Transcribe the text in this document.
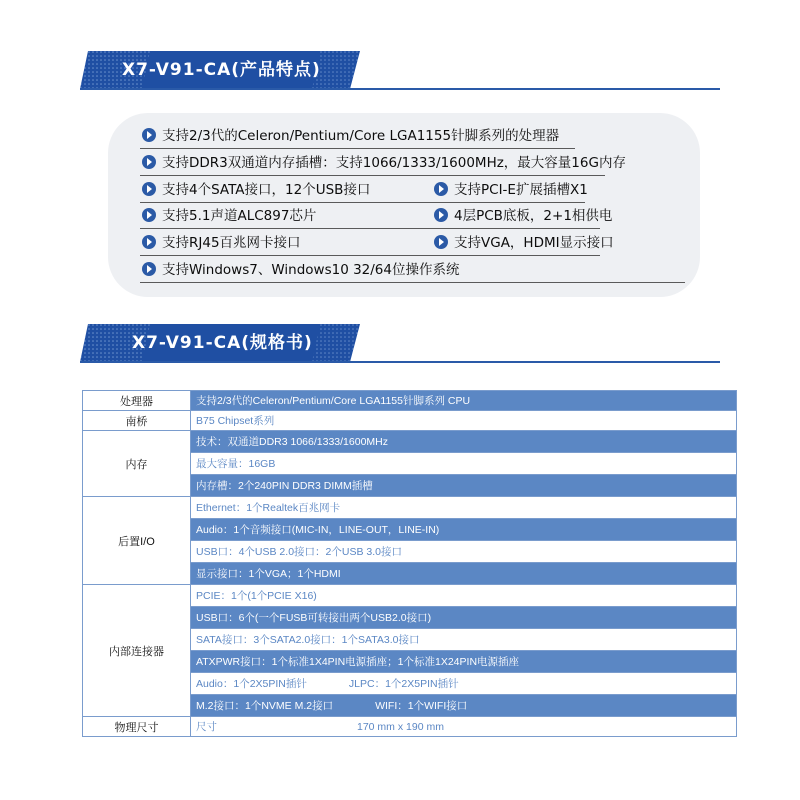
X7-V91-CA(产品特点)
支持2/3代的Celeron/Pentium/Core LGA1155针脚系列的处理器
支持DDR3双通道内存插槽：支持1066/1333/1600MHz，最大容量16G内存
支持4个SATA接口，12个USB接口	支持PCI-E扩展插槽X1
支持5.1声道ALC897芯片	4层PCB底板，2+1相供电
支持RJ45百兆网卡接口	支持VGA，HDMI显示接口
支持Windows7、Windows10 32/64位操作系统
X7-V91-CA(规格书)
处理器	支持2/3代的Celeron/Pentium/Core LGA1155针脚系列 CPU
南桥	B75 Chipset系列
内存	技术：双通道DDR3 1066/1333/1600MHz
	最大容量：16GB
	内存槽：2个240PIN DDR3 DIMM插槽
后置I/O	Ethernet：1个Realtek百兆网卡
	Audio：1个音频接口(MIC-IN，LINE-OUT，LINE-IN)
	USB口：4个USB 2.0接口：2个USB 3.0接口
	显示接口：1个VGA；1个HDMI
内部连接器	PCIE：1个(1个PCIE X16)
	USB口：6个(一个FUSB可转接出两个USB2.0接口)
	SATA接口：3个SATA2.0接口：1个SATA3.0接口
	ATXPWR接口：1个标准1X4PIN电源插座；1个标准1X24PIN电源插座
	Audio：1个2X5PIN插针 JLPC：1个2X5PIN插针
	M.2接口：1个NVME M.2接口 WIFI：1个WIFI接口
物理尺寸	尺寸 170 mm x 190 mm
